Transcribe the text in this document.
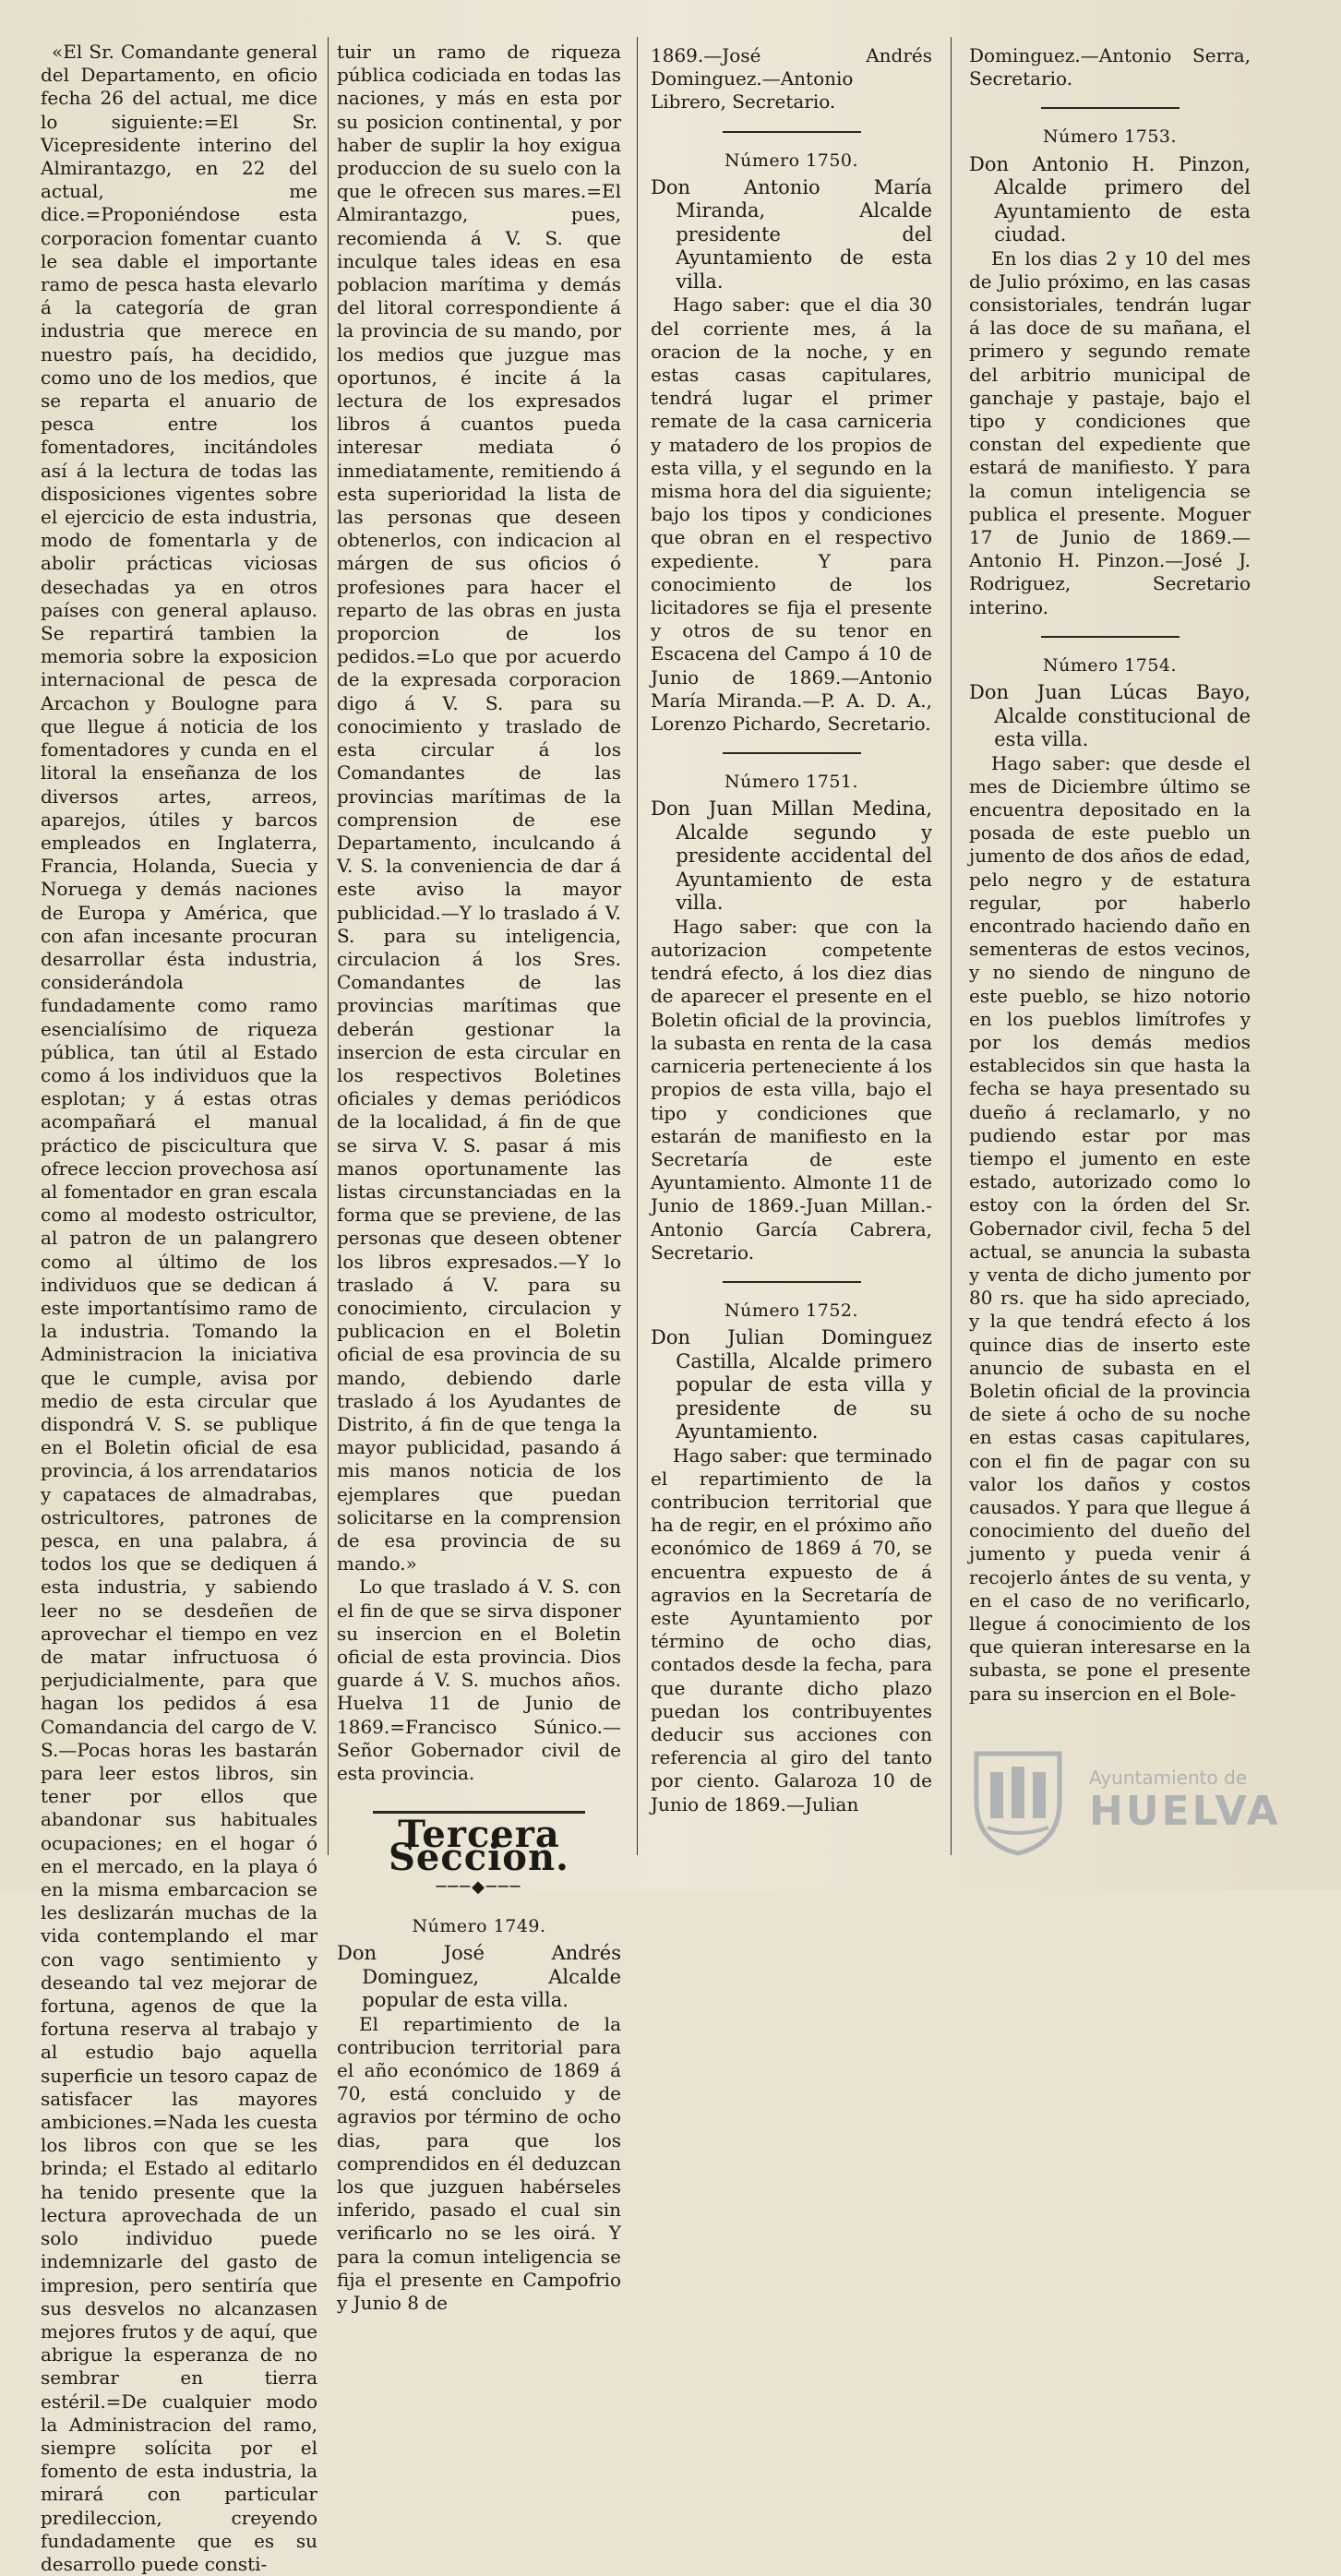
«El Sr. Comandante general del Departamento, en oficio fecha 26 del actual, me dice lo siguiente:=El Sr. Vicepresidente interino del Almirantazgo, en 22 del actual, me dice.=Proponiéndose esta corporacion fomentar cuanto le sea dable el importante ramo de pesca hasta elevarlo á la categoría de gran industria que merece en nuestro país, ha decidido, como uno de los medios, que se reparta el anuario de pesca entre los fomentadores, incitándoles así á la lectura de todas las disposiciones vigentes sobre el ejercicio de esta industria, modo de fomentarla y de abolir prácticas viciosas desechadas ya en otros países con general aplauso. Se repartirá tambien la memoria sobre la exposicion internacional de pesca de Arcachon y Boulogne para que llegue á noticia de los fomentadores y cunda en el litoral la enseñanza de los diversos artes, arreos, aparejos, útiles y barcos empleados en Inglaterra, Francia, Holanda, Suecia y Noruega y demás naciones de Europa y América, que con afan incesante procuran desarrollar ésta industria, considerándola fundadamente como ramo esencialísimo de riqueza pública, tan útil al Estado como á los individuos que la esplotan; y á estas otras acompañará el manual práctico de piscicultura que ofrece leccion provechosa así al fomentador en gran escala como al modesto ostricultor, al patron de un palangrero como al último de los individuos que se dedican á este importantísimo ramo de la industria. Tomando la Administracion la iniciativa que le cumple, avisa por medio de esta circular que dispondrá V. S. se publique en el Boletin oficial de esa provincia, á los arrendatarios y capataces de almadrabas, ostricultores, patrones de pesca, en una palabra, á todos los que se dediquen á esta industria, y sabiendo leer no se desdeñen de aprovechar el tiempo en vez de matar infructuosa ó perjudicialmente, para que hagan los pedidos á esa Comandancia del cargo de V. S.—Pocas horas les bastarán para leer estos libros, sin tener por ellos que abandonar sus habituales ocupaciones; en el hogar ó en el mercado, en la playa ó en la misma embarcacion se les deslizarán muchas de la vida contemplando el mar con vago sentimiento y deseando tal vez mejorar de fortuna, agenos de que la fortuna reserva al trabajo y al estudio bajo aquella superficie un tesoro capaz de satisfacer las mayores ambiciones.=Nada les cuesta los libros con que se les brinda; el Estado al editarlo ha tenido presente que la lectura aprovechada de un solo individuo puede indemnizarle del gasto de impresion, pero sentiría que sus desvelos no alcanzasen mejores frutos y de aquí, que abrigue la esperanza de no sembrar en tierra estéril.=De cualquier modo la Administracion del ramo, siempre solícita por el fomento de esta industria, la mirará con particular predileccion, creyendo fundadamente que es su desarrollo puede consti-

tuir un ramo de riqueza pública codiciada en todas las naciones, y más en esta por su posicion continental, y por haber de suplir la hoy exigua produccion de su suelo con la que le ofrecen sus mares.=El Almirantazgo, pues, recomienda á V. S. que inculque tales ideas en esa poblacion marítima y demás del litoral correspondiente á la provincia de su mando, por los medios que juzgue mas oportunos, é incite á la lectura de los expresados libros á cuantos pueda interesar mediata ó inmediatamente, remitiendo á esta superioridad la lista de las personas que deseen obtenerlos, con indicacion al márgen de sus oficios ó profesiones para hacer el reparto de las obras en justa proporcion de los pedidos.=Lo que por acuerdo de la expresada corporacion digo á V. S. para su conocimiento y traslado de esta circular á los Comandantes de las provincias marítimas de la comprension de ese Departamento, inculcando á V. S. la conveniencia de dar á este aviso la mayor publicidad.—Y lo traslado á V. S. para su inteligencia, circulacion á los Sres. Comandantes de las provincias marítimas que deberán gestionar la insercion de esta circular en los respectivos Boletines oficiales y demas periódicos de la localidad, á fin de que se sirva V. S. pasar á mis manos oportunamente las listas circunstanciadas en la forma que se previene, de las personas que deseen obtener los libros expresados.—Y lo traslado á V. para su conocimiento, circulacion y publicacion en el Boletin oficial de esa provincia de su mando, debiendo darle traslado á los Ayudantes de Distrito, á fin de que tenga la mayor publicidad, pasando á mis manos noticia de los ejemplares que puedan solicitarse en la comprension de esa provincia de su mando.»

Lo que traslado á V. S. con el fin de que se sirva disponer su insercion en el Boletin oficial de esta provincia. Dios guarde á V. S. muchos años. Huelva 11 de Junio de 1869.=Francisco Súnico.—Señor Gobernador civil de esta provincia.

Tercera Seccion.
───◆───
Número 1749.

Don José Andrés Dominguez, Alcalde popular de esta villa.

El repartimiento de la contribucion territorial para el año económico de 1869 á 70, está concluido y de agravios por término de ocho dias, para que los comprendidos en él deduzcan los que juzguen habérseles inferido, pasado el cual sin verificarlo no se les oirá. Y para la comun inteligencia se fija el presente en Campofrio y Junio 8 de

1869.—José Andrés Dominguez.—Antonio Librero, Secretario.

Número 1750.

Don Antonio María Miranda, Alcalde presidente del Ayuntamiento de esta villa.

Hago saber: que el dia 30 del corriente mes, á la oracion de la noche, y en estas casas capitulares, tendrá lugar el primer remate de la casa carniceria y matadero de los propios de esta villa, y el segundo en la misma hora del dia siguiente; bajo los tipos y condiciones que obran en el respectivo expediente. Y para conocimiento de los licitadores se fija el presente y otros de su tenor en Escacena del Campo á 10 de Junio de 1869.—Antonio María Miranda.—P. A. D. A., Lorenzo Pichardo, Secretario.

Número 1751.

Don Juan Millan Medina, Alcalde segundo y presidente accidental del Ayuntamiento de esta villa.

Hago saber: que con la autorizacion competente tendrá efecto, á los diez dias de aparecer el presente en el Boletin oficial de la provincia, la subasta en renta de la casa carniceria perteneciente á los propios de esta villa, bajo el tipo y condiciones que estarán de manifiesto en la Secretaría de este Ayuntamiento. Almonte 11 de Junio de 1869.-Juan Millan.-Antonio García Cabrera, Secretario.

Número 1752.

Don Julian Dominguez Castilla, Alcalde primero popular de esta villa y presidente de su Ayuntamiento.

Hago saber: que terminado el repartimiento de la contribucion territorial que ha de regir, en el próximo año económico de 1869 á 70, se encuentra expuesto de á agravios en la Secretaría de este Ayuntamiento por término de ocho dias, contados desde la fecha, para que durante dicho plazo puedan los contribuyentes deducir sus acciones con referencia al giro del tanto por ciento. Galaroza 10 de Junio de 1869.—Julian

Dominguez.—Antonio Serra, Secretario.

Número 1753.

Don Antonio H. Pinzon, Alcalde primero del Ayuntamiento de esta ciudad.

En los dias 2 y 10 del mes de Julio próximo, en las casas consistoriales, tendrán lugar á las doce de su mañana, el primero y segundo remate del arbitrio municipal de ganchaje y pastaje, bajo el tipo y condiciones que constan del expediente que estará de manifiesto. Y para la comun inteligencia se publica el presente. Moguer 17 de Junio de 1869.—Antonio H. Pinzon.—José J. Rodriguez, Secretario interino.

Número 1754.

Don Juan Lúcas Bayo, Alcalde constitucional de esta villa.

Hago saber: que desde el mes de Diciembre último se encuentra depositado en la posada de este pueblo un jumento de dos años de edad, pelo negro y de estatura regular, por haberlo encontrado haciendo daño en sementeras de estos vecinos, y no siendo de ninguno de este pueblo, se hizo notorio en los pueblos limítrofes y por los demás medios establecidos sin que hasta la fecha se haya presentado su dueño á reclamarlo, y no pudiendo estar por mas tiempo el jumento en este estado, autorizado como lo estoy con la órden del Sr. Gobernador civil, fecha 5 del actual, se anuncia la subasta y venta de dicho jumento por 80 rs. que ha sido apreciado, y la que tendrá efecto á los quince dias de inserto este anuncio de subasta en el Boletin oficial de la provincia de siete á ocho de su noche en estas casas capitulares, con el fin de pagar con su valor los daños y costos causados. Y para que llegue á conocimiento del dueño del jumento y pueda venir á recojerlo ántes de su venta, y en el caso de no verificarlo, llegue á conocimiento de los que quieran interesarse en la subasta, se pone el presente para su insercion en el Bole-

Ayuntamiento de
HUELVA
